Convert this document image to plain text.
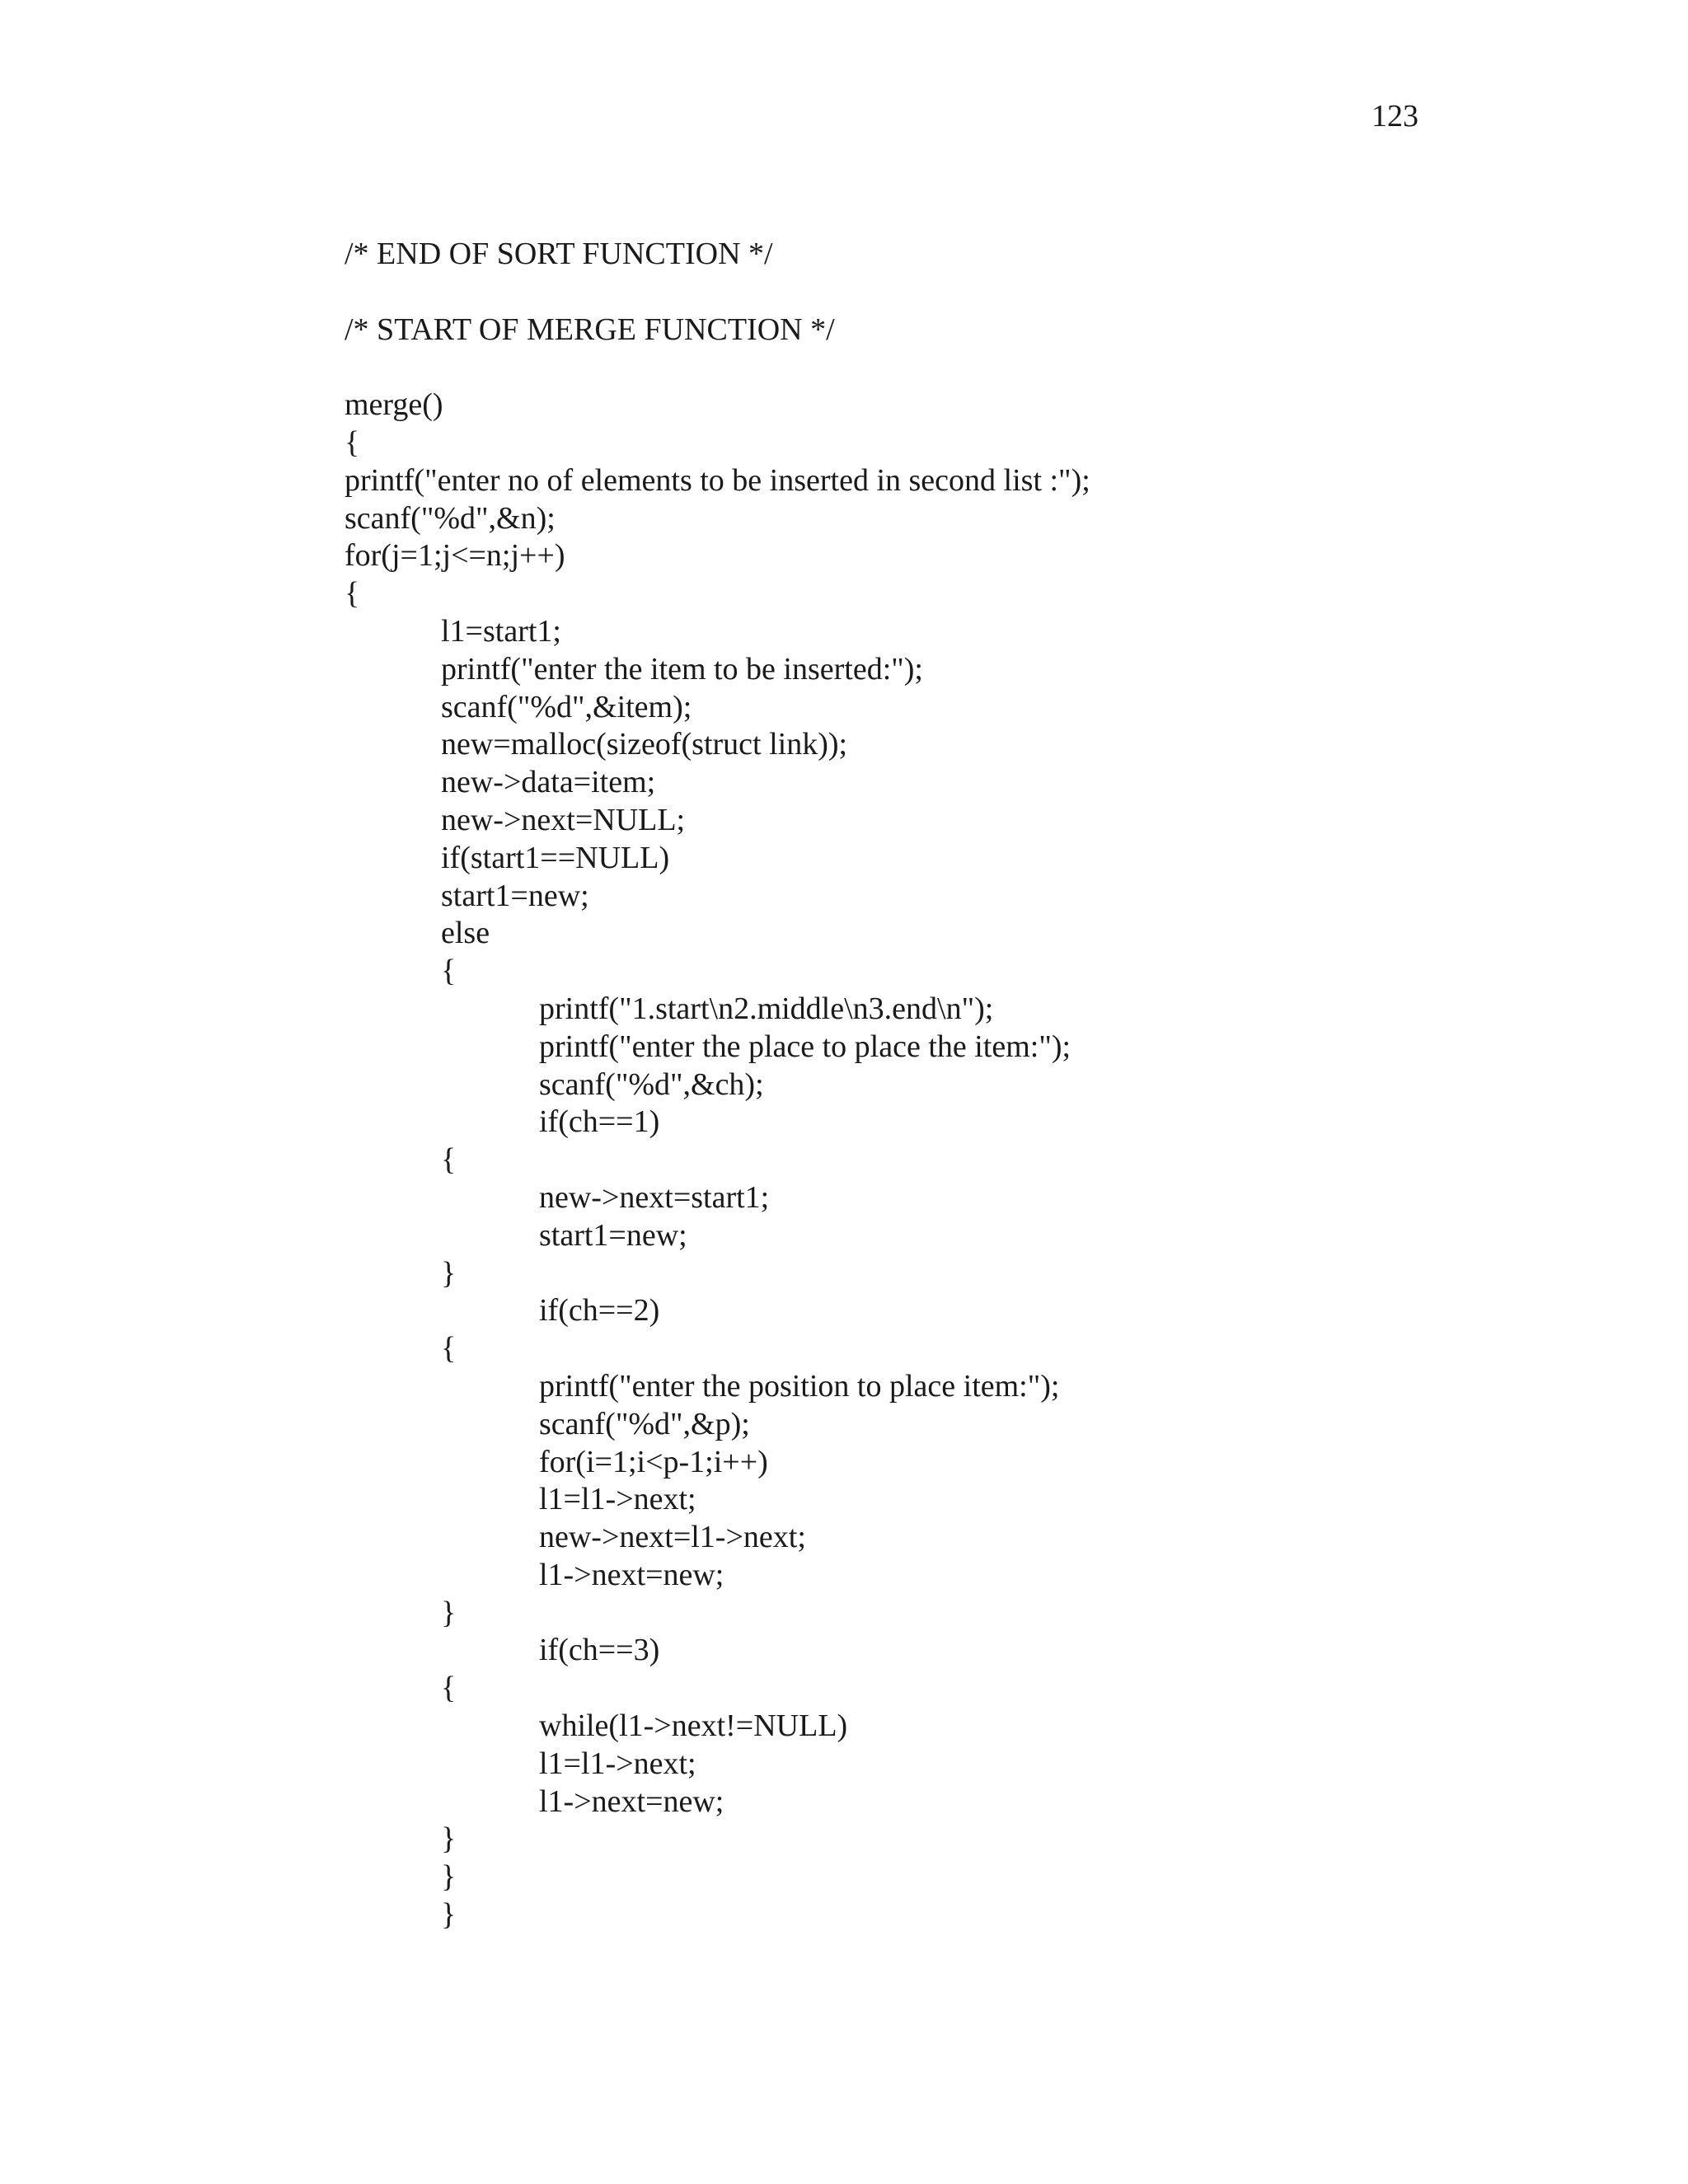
123
/* END OF SORT FUNCTION */
/* START OF MERGE FUNCTION */
merge()
{
printf("enter no of elements to be inserted in second list :");
scanf("%d",&n);
for(j=1;j<=n;j++)
{
l1=start1;
printf("enter the item to be inserted:");
scanf("%d",&item);
new=malloc(sizeof(struct link));
new->data=item;
new->next=NULL;
if(start1==NULL)
start1=new;
else
{
printf("1.start\n2.middle\n3.end\n");
printf("enter the place to place the item:");
scanf("%d",&ch);
if(ch==1)
{
new->next=start1;
start1=new;
}
if(ch==2)
{
printf("enter the position to place item:");
scanf("%d",&p);
for(i=1;i<p-1;i++)
l1=l1->next;
new->next=l1->next;
l1->next=new;
}
if(ch==3)
{
while(l1->next!=NULL)
l1=l1->next;
l1->next=new;
}
}
}
